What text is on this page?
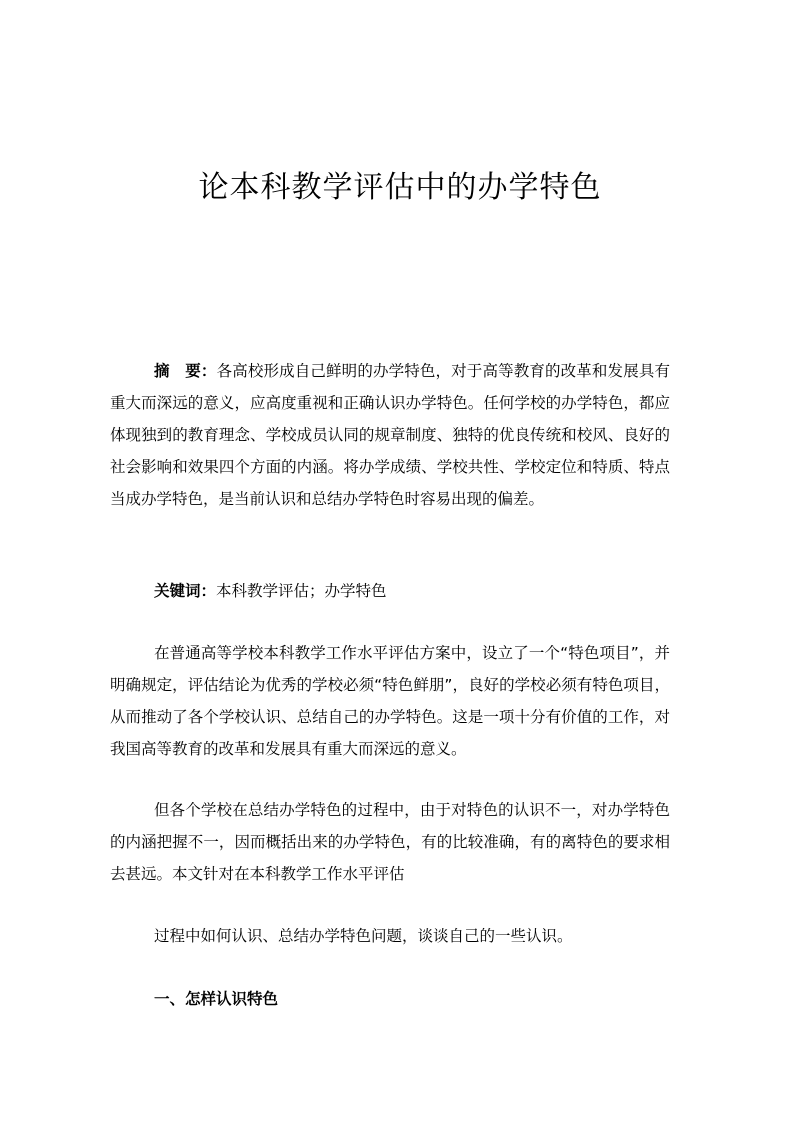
论本科教学评估中的办学特色

摘　要：各高校形成自己鲜明的办学特色，对于高等教育的改革和发展具有重大而深远的意义，应高度重视和正确认识办学特色。任何学校的办学特色，都应体现独到的教育理念、学校成员认同的规章制度、独特的优良传统和校风、良好的社会影响和效果四个方面的内涵。将办学成绩、学校共性、学校定位和特质、特点当成办学特色，是当前认识和总结办学特色时容易出现的偏差。

关键词：本科教学评估；办学特色

在普通高等学校本科教学工作水平评估方案中，设立了一个“特色项目”，并明确规定，评估结论为优秀的学校必须“特色鲜朋”，良好的学校必须有特色项目，从而推动了各个学校认识、总结自己的办学特色。这是一项十分有价值的工作，对我国高等教育的改革和发展具有重大而深远的意义。

但各个学校在总结办学特色的过程中，由于对特色的认识不一，对办学特色的内涵把握不一，因而概括出来的办学特色，有的比较准确，有的离特色的要求相去甚远。本文针对在本科教学工作水平评估

过程中如何认识、总结办学特色问题，谈谈自己的一些认识。

一、怎样认识特色
